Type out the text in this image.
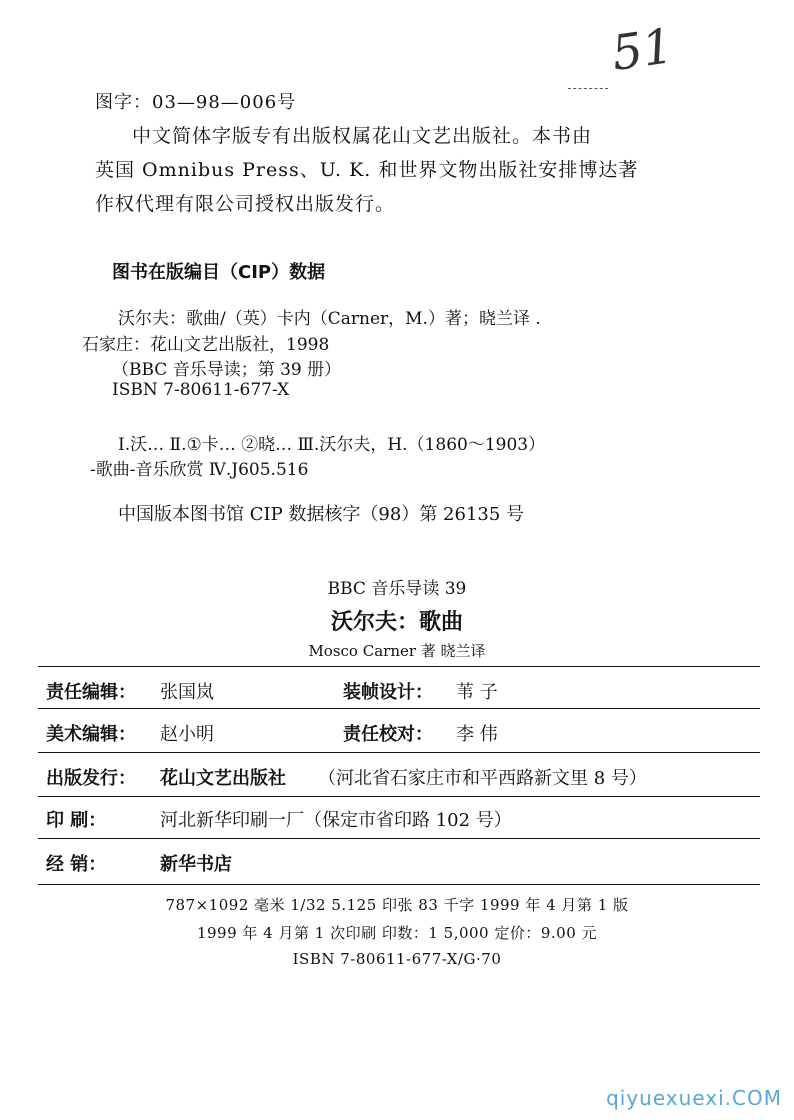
51
图字：03—98—006号
中文简体字版专有出版权属花山文艺出版社。本书由
英国 Omnibus Press、U. K. 和世界文物出版社安排博达著
作权代理有限公司授权出版发行。
图书在版编目（CIP）数据
沃尔夫：歌曲/（英）卡内（Carner，M.）著；晓兰译 .
石家庄：花山文艺出版社，1998
（BBC 音乐导读；第 39 册）
ISBN 7-80611-677-X
Ⅰ.沃… Ⅱ.①卡… ②晓… Ⅲ.沃尔夫，H.（1860～1903）
-歌曲-音乐欣赏 Ⅳ.J605.516
中国版本图书馆 CIP 数据核字（98）第 26135 号
BBC 音乐导读 39
沃尔夫：歌曲
Mosco Carner 著 晓兰译
责任编辑： 张国岚	装帧设计： 苇 子
美术编辑： 赵小明	责任校对： 李 伟
出版发行： 花山文艺出版社 （河北省石家庄市和平西路新文里 8 号）
印 刷：	河北新华印刷一厂（保定市省印路 102 号）
经 销：	新华书店
787×1092 毫米 1/32 5.125 印张 83 千字 1999 年 4 月第 1 版
1999 年 4 月第 1 次印刷 印数：1 5,000 定价：9.00 元
ISBN 7-80611-677-X/G·70
qiyuexuexi.COM
